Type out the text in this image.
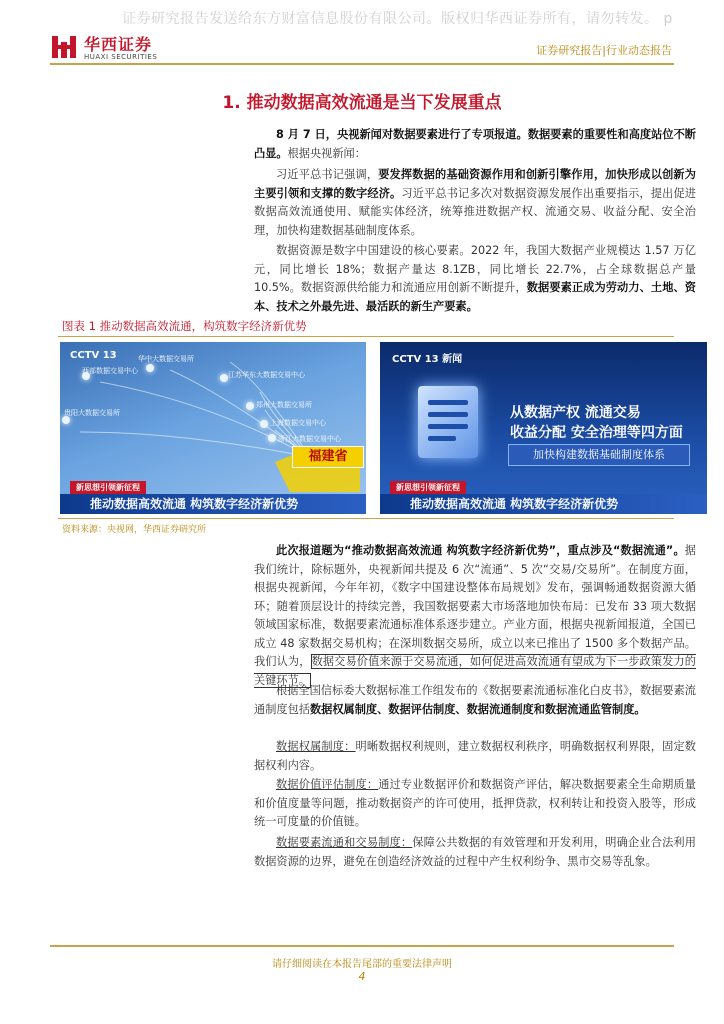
证券研究报告发送给东方财富信息股份有限公司。版权归华西证券所有，请勿转发。 p
华西证券
HUAXI SECURITIES	证券研究报告|行业动态报告
1. 推动数据高效流通是当下发展重点
8 月 7 日，央视新闻对数据要素进行了专项报道。数据要素的重要性和高度站位不断凸显。根据央视新闻：
习近平总书记强调，要发挥数据的基础资源作用和创新引擎作用，加快形成以创新为主要引领和支撑的数字经济。习近平总书记多次对数据资源发展作出重要指示，提出促进数据高效流通使用、赋能实体经济，统筹推进数据产权、流通交易、收益分配、安全治理，加快构建数据基础制度体系。
数据资源是数字中国建设的核心要素。2022 年，我国大数据产业规模达 1.57 万亿元，同比增长 18%；数据产量达 8.1ZB，同比增长 22.7%，占全球数据总产量 10.5%。数据资源供给能力和流通应用创新不断提升，数据要素正成为劳动力、土地、资本、技术之外最先进、最活跃的新生产要素。
图表 1 推动数据高效流通，构筑数字经济新优势
CCTV 13
西部数据交易中心
华中大数据交易所
江苏华东大数据交易中心
贵阳大数据交易所
郑州大数据交易所
上海数据交易中心
浙江大数据交易中心
福建省
新思想引领新征程
推动数据高效流通 构筑数字经济新优势
CCTV 13 新闻
从数据产权 流通交易
收益分配 安全治理等四方面
加快构建数据基础制度体系
新思想引领新征程
推动数据高效流通 构筑数字经济新优势
资料来源：央视网，华西证券研究所
此次报道题为“推动数据高效流通 构筑数字经济新优势”，重点涉及“数据流通”。据我们统计，除标题外，央视新闻共提及 6 次“流通”、5 次“交易/交易所”。在制度方面，根据央视新闻，今年年初，《数字中国建设整体布局规划》发布，强调畅通数据资源大循环；随着顶层设计的持续完善，我国数据要素大市场落地加快布局：已发布 33 项大数据领域国家标准，数据要素流通标准体系逐步建立。产业方面，根据央视新闻报道，全国已成立 48 家数据交易机构；在深圳数据交易所，成立以来已推出了 1500 多个数据产品。我们认为，数据交易价值来源于交易流通，如何促进高效流通有望成为下一步政策发力的关键环节。
根据全国信标委大数据标准工作组发布的《数据要素流通标准化白皮书》，数据要素流通制度包括数据权属制度、数据评估制度、数据流通制度和数据流通监管制度。
数据权属制度：明晰数据权利规则，建立数据权利秩序，明确数据权利界限，固定数据权利内容。
数据价值评估制度：通过专业数据评价和数据资产评估，解决数据要素全生命期质量和价值度量等问题，推动数据资产的许可使用，抵押贷款，权利转让和投资入股等，形成统一可度量的价值链。
数据要素流通和交易制度：保障公共数据的有效管理和开发利用，明确企业合法利用数据资源的边界，避免在创造经济效益的过程中产生权利纷争、黑市交易等乱象。
请仔细阅读在本报告尾部的重要法律声明
4
